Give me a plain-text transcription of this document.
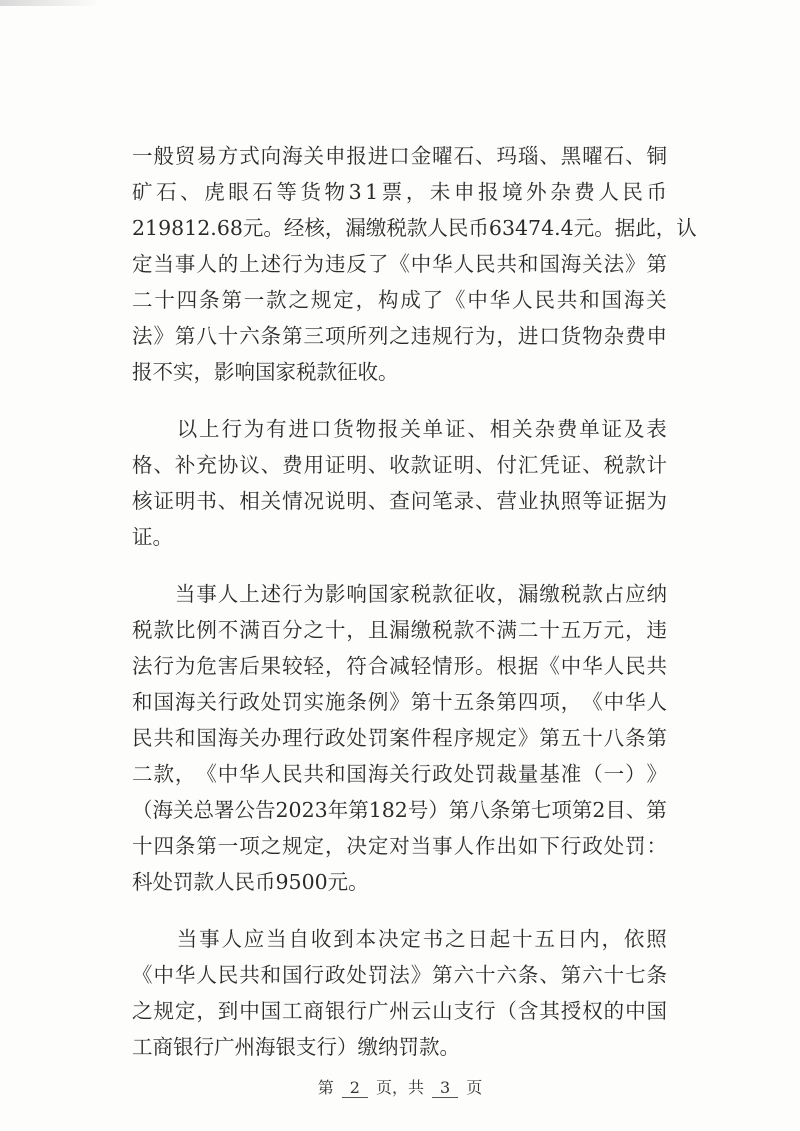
一 般 贸 易 方 式 向 海 关 申 报 进 口 金 曜 石 、 玛 瑙 、 黑 曜 石 、 铜
矿 石 、 虎 眼 石 等 货 物 3 1 票 ， 未 申 报 境 外 杂 费 人 民 币
2 1 9 8 1 2 . 6 8 元 。 经 核 ， 漏 缴 税 款 人 民 币 6 3 4 7 4 . 4 元 。 据 此 ， 认
定 当 事 人 的 上 述 行 为 违 反 了 《 中 华 人 民 共 和 国 海 关 法 》 第
二 十 四 条 第 一 款 之 规 定 ， 构 成 了 《 中 华 人 民 共 和 国 海 关
法 》 第 八 十 六 条 第 三 项 所 列 之 违 规 行 为 ， 进 口 货 物 杂 费 申
报不实，影响国家税款征收。

以 上 行 为 有 进 口 货 物 报 关 单 证 、 相 关 杂 费 单 证 及 表
格 、 补 充 协 议 、 费 用 证 明 、 收 款 证 明 、 付 汇 凭 证 、 税 款 计
核 证 明 书 、 相 关 情 况 说 明 、 查 问 笔 录 、 营 业 执 照 等 证 据 为
证。

当 事 人 上 述 行 为 影 响 国 家 税 款 征 收 ， 漏 缴 税 款 占 应 纳
税 款 比 例 不 满 百 分 之 十 ， 且 漏 缴 税 款 不 满 二 十 五 万 元 ， 违
法 行 为 危 害 后 果 较 轻 ， 符 合 减 轻 情 形 。 根 据 《 中 华 人 民 共
和 国 海 关 行 政 处 罚 实 施 条 例 》 第 十 五 条 第 四 项 ， 《 中 华 人
民 共 和 国 海 关 办 理 行 政 处 罚 案 件 程 序 规 定 》 第 五 十 八 条 第
二 款 ， 《 中 华 人 民 共 和 国 海 关 行 政 处 罚 裁 量 基 准 （ 一 ） 》
（ 海 关 总 署 公 告 2 0 2 3 年 第 1 8 2 号 ） 第 八 条 第 七 项 第 2 目 、 第
十 四 条 第 一 项 之 规 定 ， 决 定 对 当 事 人 作 出 如 下 行 政 处 罚 ：
科处罚款人民币9500元。

当 事 人 应 当 自 收 到 本 决 定 书 之 日 起 十 五 日 内 ， 依 照
《 中 华 人 民 共 和 国 行 政 处 罚 法 》 第 六 十 六 条 、 第 六 十 七 条
之 规 定 ， 到 中 国 工 商 银 行 广 州 云 山 支 行 （ 含 其 授 权 的 中 国
工商银行广州海银支行）缴纳罚款。
第 2 页，共 3 页
